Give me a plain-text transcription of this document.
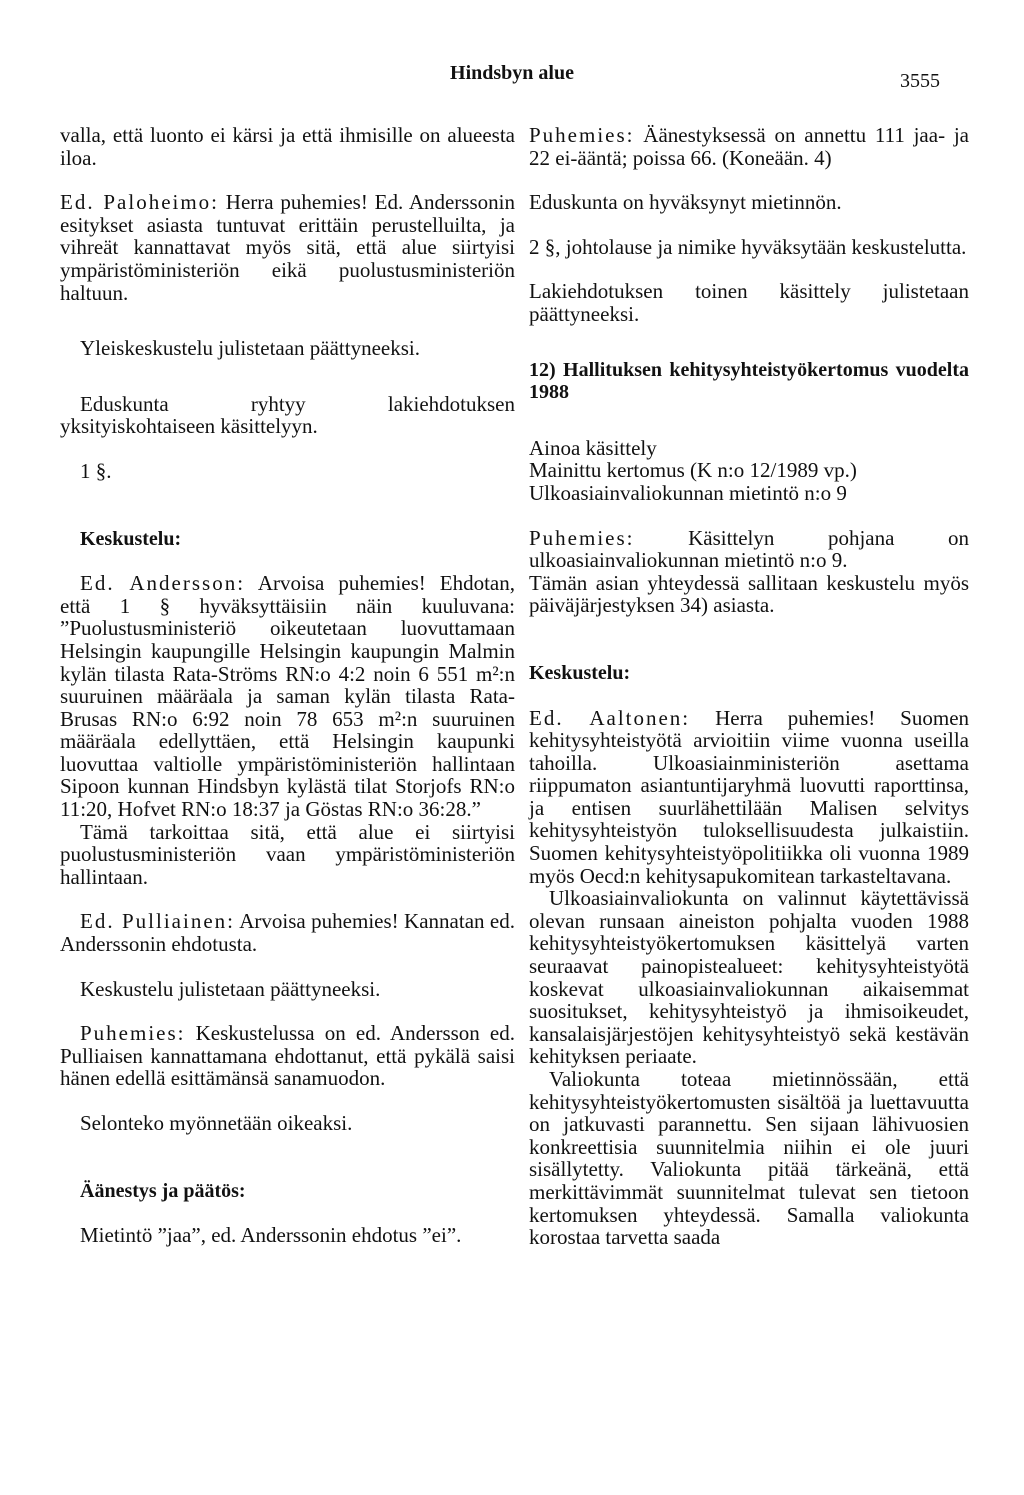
Hindsbyn alue	3555

valla, että luonto ei kärsi ja että ihmisille on alueesta iloa.

Ed. Paloheimo: Herra puhemies! Ed. Anderssonin esitykset asiasta tuntuvat erittäin perustelluilta, ja vihreät kannattavat myös sitä, että alue siirtyisi ympäristöministeriön eikä puolustusministeriön haltuun.

Yleiskeskustelu julistetaan päättyneeksi.

Eduskunta ryhtyy lakiehdotuksen yksityiskohtaiseen käsittelyyn.

1 §.

Keskustelu:

Ed. Andersson: Arvoisa puhemies! Ehdotan, että 1 § hyväksyttäisiin näin kuuluvana: ”Puolustusministeriö oikeutetaan luovuttamaan Helsingin kaupungille Helsingin kaupungin Malmin kylän tilasta Rata-Ströms RN:o 4:2 noin 6 551 m²:n suuruinen määräala ja saman kylän tilasta Rata-Brusas RN:o 6:92 noin 78 653 m²:n suuruinen määräala edellyttäen, että Helsingin kaupunki luovuttaa valtiolle ympäristöministeriön hallintaan Sipoon kunnan Hindsbyn kylästä tilat Storjofs RN:o 11:20, Hofvet RN:o 18:37 ja Göstas RN:o 36:28.”

Tämä tarkoittaa sitä, että alue ei siirtyisi puolustusministeriön vaan ympäristöministeriön hallintaan.

Ed. Pulliainen: Arvoisa puhemies! Kannatan ed. Anderssonin ehdotusta.

Keskustelu julistetaan päättyneeksi.

Puhemies: Keskustelussa on ed. Andersson ed. Pulliaisen kannattamana ehdottanut, että pykälä saisi hänen edellä esittämänsä sanamuodon.

Selonteko myönnetään oikeaksi.

Äänestys ja päätös:

Mietintö ”jaa”, ed. Anderssonin ehdotus ”ei”.

Puhemies: Äänestyksessä on annettu 111 jaa- ja 22 ei-ääntä; poissa 66. (Koneään. 4)

Eduskunta on hyväksynyt mietinnön.

2 §, johtolause ja nimike hyväksytään keskustelutta.

Lakiehdotuksen toinen käsittely julistetaan päättyneeksi.

12) Hallituksen kehitysyhteistyökertomus vuodelta 1988

Ainoa käsittely
Mainittu kertomus (K n:o 12/1989 vp.)
Ulkoasiainvaliokunnan mietintö n:o 9

Puhemies:	Käsittelyn pohjana on ulkoasiainvaliokunnan mietintö n:o 9.

Tämän asian yhteydessä sallitaan keskustelu myös päiväjärjestyksen 34) asiasta.

Keskustelu:

Ed. Aaltonen: Herra puhemies! Suomen kehitysyhteistyötä arvioitiin viime vuonna useilla tahoilla. Ulkoasiainministeriön asettama riippumaton asiantuntijaryhmä luovutti raporttinsa, ja entisen suurlähettilään Malisen selvitys kehitysyhteistyön tuloksellisuudesta julkaistiin. Suomen kehitysyhteistyöpolitiikka oli vuonna 1989 myös Oecd:n kehitysapukomitean tarkasteltavana.

Ulkoasiainvaliokunta on valinnut käytettävissä olevan runsaan aineiston pohjalta vuoden 1988 kehitysyhteistyökertomuksen käsittelyä varten seuraavat painopistealueet: kehitysyhteistyötä koskevat ulkoasiainvaliokunnan aikaisemmat suositukset, kehitysyhteistyö ja ihmisoikeudet, kansalaisjärjestöjen kehitysyhteistyö sekä kestävän kehityksen periaate.

Valiokunta toteaa mietinnössään, että kehitysyhteistyökertomusten sisältöä ja luettavuutta on jatkuvasti parannettu. Sen sijaan lähivuosien konkreettisia suunnitelmia niihin ei ole juuri sisällytetty. Valiokunta pitää tärkeänä, että merkittävimmät suunnitelmat tulevat sen tietoon kertomuksen yhteydessä. Samalla valiokunta korostaa tarvetta saada
